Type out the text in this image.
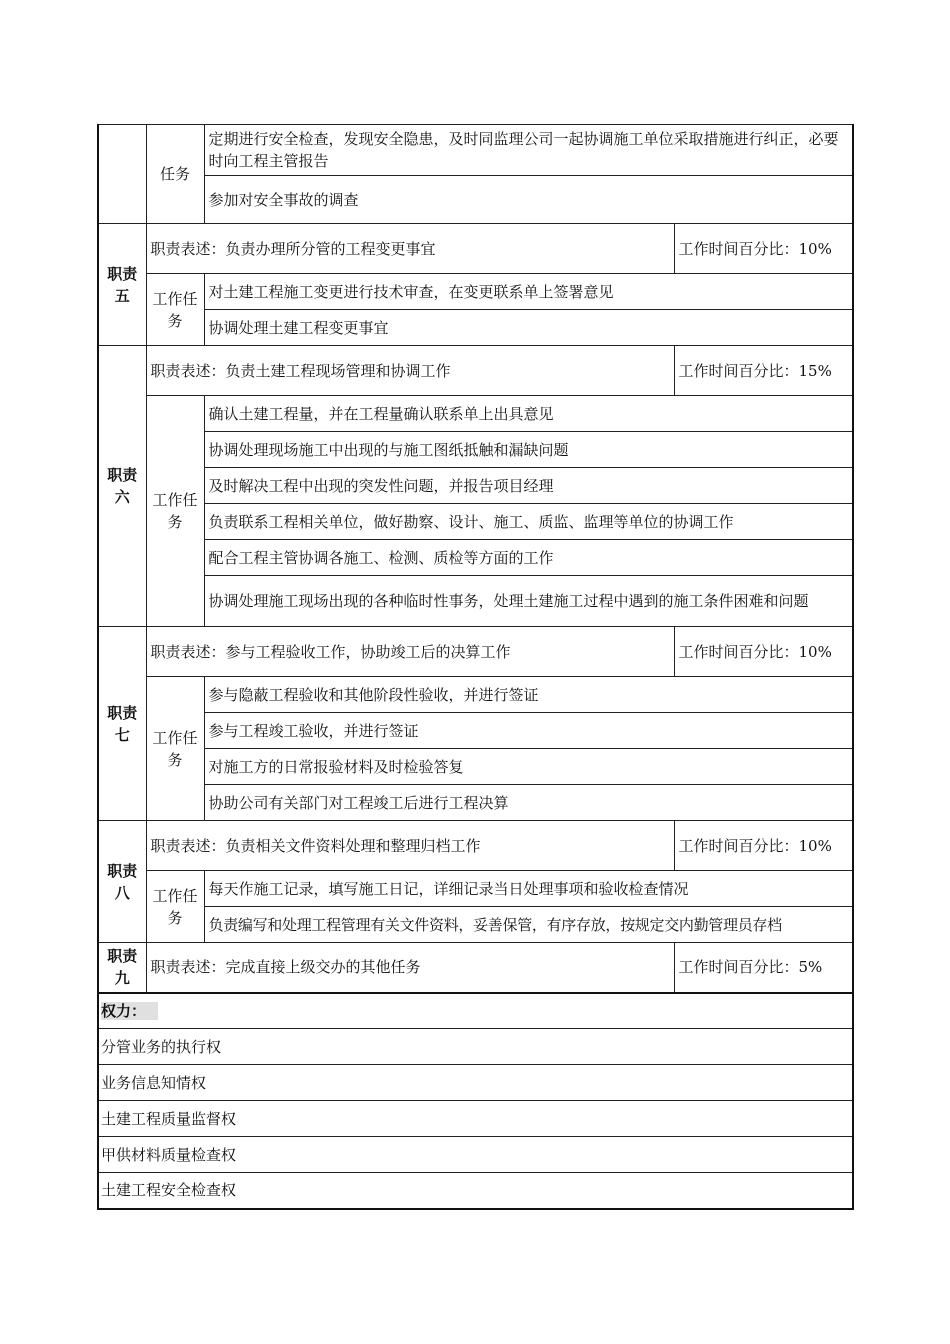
	任务	定期进行安全检查，发现安全隐患，及时同监理公司一起协调施工单位采取措施进行纠正，必要时向工程主管报告	
		参加对安全事故的调查	
职责五	职责表述：负责办理所分管的工程变更事宜		工作时间百分比：10%
	工作任务	对土建工程施工变更进行技术审查，在变更联系单上签署意见	
		协调处理土建工程变更事宜	
职责六	职责表述：负责土建工程现场管理和协调工作		工作时间百分比：15%
	工作任务	确认土建工程量，并在工程量确认联系单上出具意见	
		协调处理现场施工中出现的与施工图纸抵触和漏缺问题	
		及时解决工程中出现的突发性问题，并报告项目经理	
		负责联系工程相关单位，做好勘察、设计、施工、质监、监理等单位的协调工作	
		配合工程主管协调各施工、检测、质检等方面的工作	
		协调处理施工现场出现的各种临时性事务，处理土建施工过程中遇到的施工条件困难和问题	
职责七	职责表述：参与工程验收工作，协助竣工后的决算工作		工作时间百分比：10%
	工作任务	参与隐蔽工程验收和其他阶段性验收，并进行签证	
		参与工程竣工验收，并进行签证	
		对施工方的日常报验材料及时检验答复	
		协助公司有关部门对工程竣工后进行工程决算	
职责八	职责表述：负责相关文件资料处理和整理归档工作		工作时间百分比：10%
	工作任务	每天作施工记录，填写施工日记，详细记录当日处理事项和验收检查情况	
		负责编写和处理工程管理有关文件资料，妥善保管，有序存放，按规定交内勤管理员存档	
职责九	职责表述：完成直接上级交办的其他任务		工作时间百分比：5%
权力：			
分管业务的执行权			
业务信息知情权			
土建工程质量监督权			
甲供材料质量检查权			
土建工程安全检查权			
